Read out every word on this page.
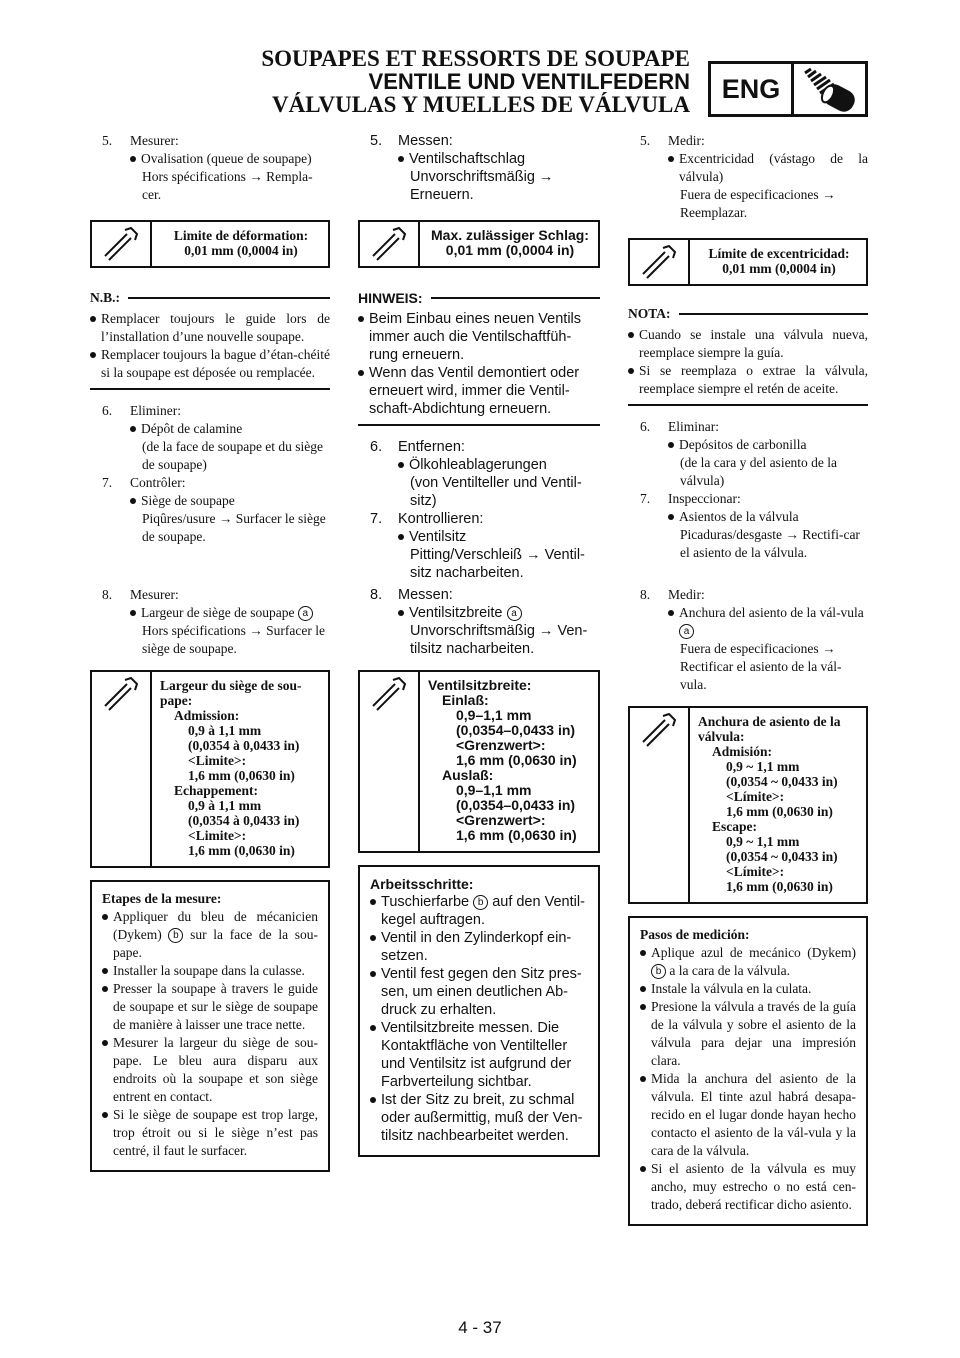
SOUPAPES ET RESSORTS DE SOUPAPE
VENTILE UND VENTILFEDERN
VÁLVULAS Y MUELLES DE VÁLVULA
ENG
5. Mesurer:
Ovalisation (queue de soupape)
Hors spécifications → Rempla-cer.
Limite de déformation:
0,01 mm (0,0004 in)
N.B.:
Remplacer toujours le guide lors de l’installation d’une nouvelle soupape.
Remplacer toujours la bague d’étan-chéité si la soupape est déposée ou remplacée.
6. Eliminer:
Dépôt de calamine
(de la face de soupape et du siège de soupape)
7. Contrôler:
Siège de soupape
Piqûres/usure → Surfacer le siège de soupape.
8. Mesurer:
Largeur de siège de soupape a
Hors spécifications → Surfacer le siège de soupape.
Largeur du siège de sou-pape:
Admission:
0,9 à 1,1 mm
(0,0354 à 0,0433 in)
<Limite>:
1,6 mm (0,0630 in)
Echappement:
0,9 à 1,1 mm
(0,0354 à 0,0433 in)
<Limite>:
1,6 mm (0,0630 in)
Etapes de la mesure:
Appliquer du bleu de mécanicien (Dykem) b sur la face de la sou-pape.
Installer la soupape dans la culasse.
Presser la soupape à travers le guide de soupape et sur le siège de soupape de manière à laisser une trace nette.
Mesurer la largeur du siège de sou-pape. Le bleu aura disparu aux endroits où la soupape et son siège entrent en contact.
Si le siège de soupape est trop large, trop étroit ou si le siège n’est pas centré, il faut le surfacer.
5. Messen:
Ventilschaftschlag
Unvorschriftsmäßig → Erneuern.
Max. zulässiger Schlag:
0,01 mm (0,0004 in)
HINWEIS:
Beim Einbau eines neuen Ventils immer auch die Ventilschaftfüh-rung erneuern.
Wenn das Ventil demontiert oder erneuert wird, immer die Ventil-schaft-Abdichtung erneuern.
6. Entfernen:
Ölkohleablagerungen
(von Ventilteller und Ventil-sitz)
7. Kontrollieren:
Ventilsitz
Pitting/Verschleiß → Ventil-sitz nacharbeiten.
8. Messen:
Ventilsitzbreite a
Unvorschriftsmäßig → Ven-tilsitz nacharbeiten.
Ventilsitzbreite:
Einlaß:
0,9–1,1 mm
(0,0354–0,0433 in)
<Grenzwert>:
1,6 mm (0,0630 in)
Auslaß:
0,9–1,1 mm
(0,0354–0,0433 in)
<Grenzwert>:
1,6 mm (0,0630 in)
Arbeitsschritte:
Tuschierfarbe b auf den Ventil-kegel auftragen.
Ventil in den Zylinderkopf ein-setzen.
Ventil fest gegen den Sitz pres-sen, um einen deutlichen Ab-druck zu erhalten.
Ventilsitzbreite messen. Die Kontaktfläche von Ventilteller und Ventilsitz ist aufgrund der Farbverteilung sichtbar.
Ist der Sitz zu breit, zu schmal oder außermittig, muß der Ven-tilsitz nachbearbeitet werden.
5. Medir:
Excentricidad (vástago de la válvula)
Fuera de especificaciones → Reemplazar.
Límite de excentricidad:
0,01 mm (0,0004 in)
NOTA:
Cuando se instale una válvula nueva, reemplace siempre la guía.
Si se reemplaza o extrae la válvula, reemplace siempre el retén de aceite.
6. Eliminar:
Depósitos de carbonilla
(de la cara y del asiento de la válvula)
7. Inspeccionar:
Asientos de la válvula
Picaduras/desgaste → Rectifi-car el asiento de la válvula.
8. Medir:
Anchura del asiento de la vál-vula a
Fuera de especificaciones → Rectificar el asiento de la vál-vula.
Anchura de asiento de la válvula:
Admisión:
0,9 ~ 1,1 mm
(0,0354 ~ 0,0433 in)
<Límite>:
1,6 mm (0,0630 in)
Escape:
0,9 ~ 1,1 mm
(0,0354 ~ 0,0433 in)
<Límite>:
1,6 mm (0,0630 in)
Pasos de medición:
Aplique azul de mecánico (Dykem) b a la cara de la válvula.
Instale la válvula en la culata.
Presione la válvula a través de la guía de la válvula y sobre el asiento de la válvula para dejar una impresión clara.
Mida la anchura del asiento de la válvula. El tinte azul habrá desapa-recido en el lugar donde hayan hecho contacto el asiento de la vál-vula y la cara de la válvula.
Si el asiento de la válvula es muy ancho, muy estrecho o no está cen-trado, deberá rectificar dicho asiento.
4 - 37
